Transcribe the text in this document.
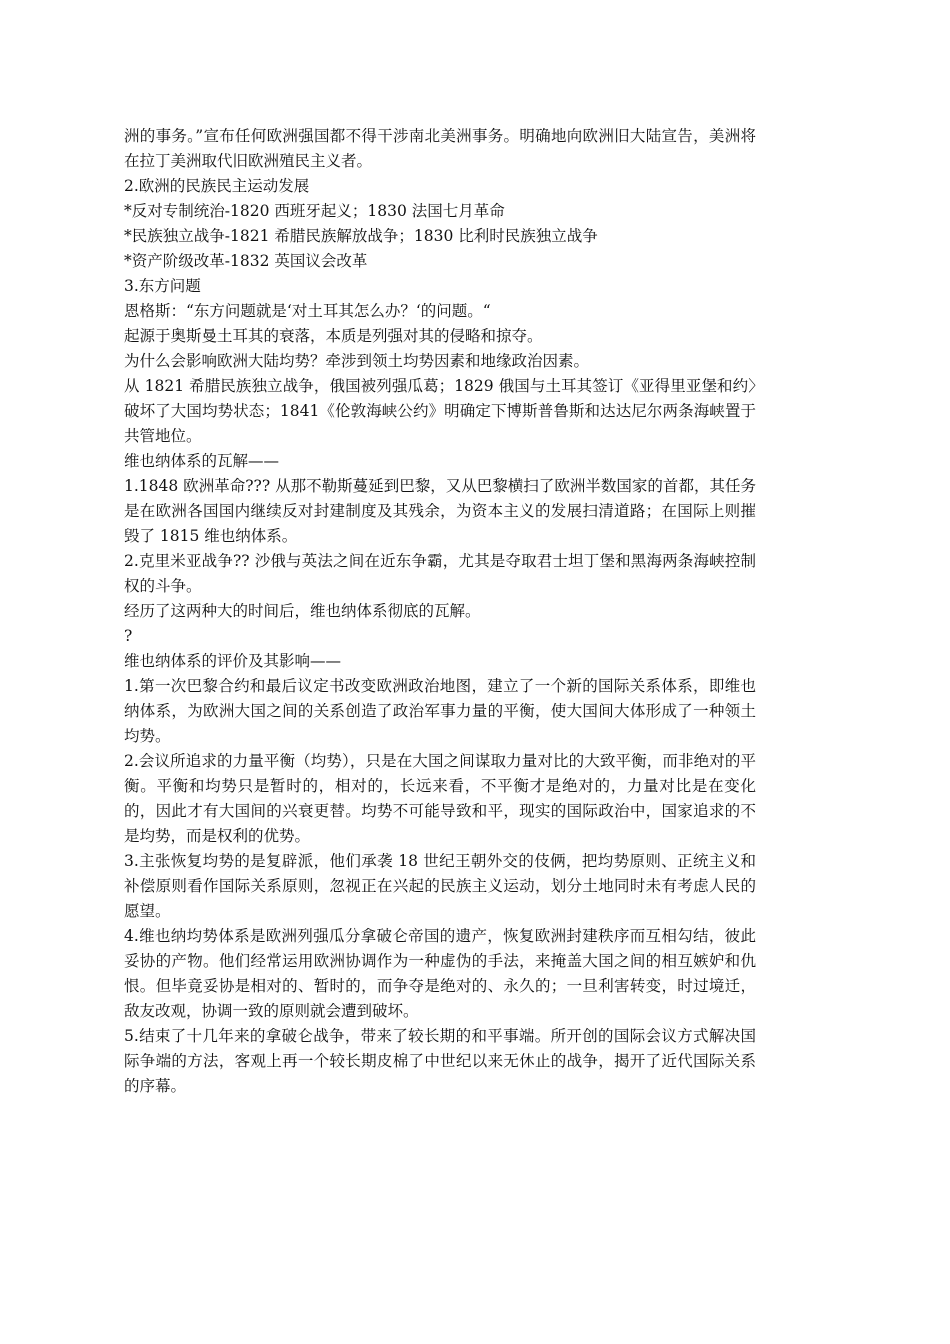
洲的事务。”宣布任何欧洲强国都不得干涉南北美洲事务。明确地向欧洲旧大陆宣告，美洲将在拉丁美洲取代旧欧洲殖民主义者。

2.欧洲的民族民主运动发展

*反对专制统治-1820 西班牙起义；1830 法国七月革命

*民族独立战争-1821 希腊民族解放战争；1830 比利时民族独立战争

*资产阶级改革-1832 英国议会改革

3.东方问题

恩格斯：“东方问题就是‘对土耳其怎么办？‘的问题。“

起源于奥斯曼土耳其的衰落，本质是列强对其的侵略和掠夺。

为什么会影响欧洲大陆均势？牵涉到领土均势因素和地缘政治因素。

从 1821 希腊民族独立战争，俄国被列强瓜葛；1829 俄国与土耳其签订《亚得里亚堡和约〉破坏了大国均势状态；1841《伦敦海峡公约》明确定下博斯普鲁斯和达达尼尔两条海峡置于共管地位。

维也纳体系的瓦解——

1.1848 欧洲革命??? 从那不勒斯蔓延到巴黎，又从巴黎横扫了欧洲半数国家的首都，其任务是在欧洲各国国内继续反对封建制度及其残余，为资本主义的发展扫清道路；在国际上则摧毁了 1815 维也纳体系。

2.克里米亚战争?? 沙俄与英法之间在近东争霸，尤其是夺取君士坦丁堡和黑海两条海峡控制权的斗争。

经历了这两种大的时间后，维也纳体系彻底的瓦解。

?

维也纳体系的评价及其影响——

1.第一次巴黎合约和最后议定书改变欧洲政治地图，建立了一个新的国际关系体系，即维也纳体系，为欧洲大国之间的关系创造了政治军事力量的平衡，使大国间大体形成了一种领土均势。

2.会议所追求的力量平衡（均势），只是在大国之间谋取力量对比的大致平衡，而非绝对的平衡。平衡和均势只是暂时的，相对的，长远来看，不平衡才是绝对的，力量对比是在变化的，因此才有大国间的兴衰更替。均势不可能导致和平，现实的国际政治中，国家追求的不是均势，而是权利的优势。

3.主张恢复均势的是复辟派，他们承袭 18 世纪王朝外交的伎俩，把均势原则、正统主义和补偿原则看作国际关系原则，忽视正在兴起的民族主义运动，划分土地同时未有考虑人民的愿望。

4.维也纳均势体系是欧洲列强瓜分拿破仑帝国的遗产，恢复欧洲封建秩序而互相勾结，彼此妥协的产物。他们经常运用欧洲协调作为一种虚伪的手法，来掩盖大国之间的相互嫉妒和仇恨。但毕竟妥协是相对的、暂时的，而争夺是绝对的、永久的；一旦利害转变，时过境迁，敌友改观，协调一致的原则就会遭到破坏。

5.结束了十几年来的拿破仑战争，带来了较长期的和平事端。所开创的国际会议方式解决国际争端的方法，客观上再一个较长期皮棉了中世纪以来无休止的战争，揭开了近代国际关系的序幕。
